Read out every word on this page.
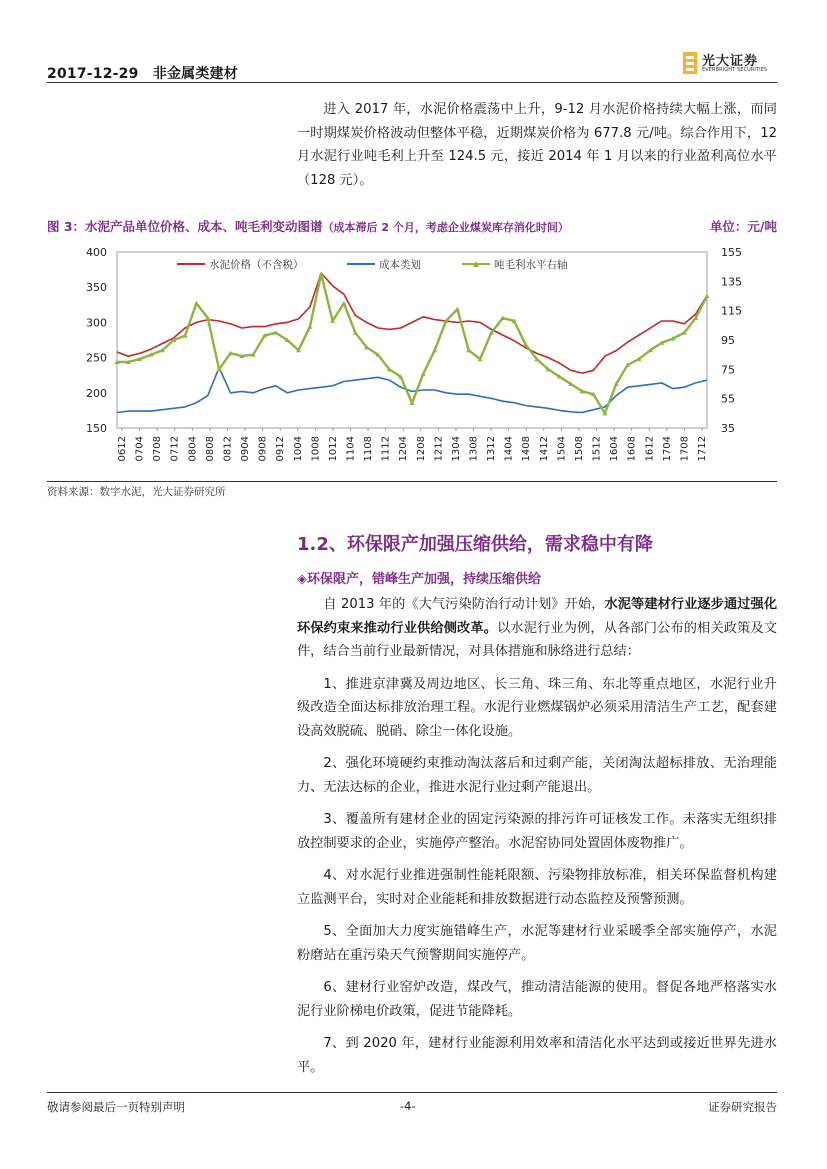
2017-12-29　非金属类建材
光大证券
EVERBRIGHT SECURITIES

进入 2017 年，水泥价格震荡中上升，9-12 月水泥价格持续大幅上涨，而同一时期煤炭价格波动但整体平稳，近期煤炭价格为 677.8 元/吨。综合作用下，12 月水泥行业吨毛利上升至 124.5 元，接近 2014 年 1 月以来的行业盈利高位水平（128 元）。

图 3：水泥产品单位价格、成本、吨毛利变动图谱（成本滞后 2 个月，考虑企业煤炭库存消化时间）	单位：元/吨
150
200
250
300
350
400
35
55
75
95
115
135
155
0612 0704 0708 0712 0804 0808 0812 0904 0908 0912 1004 1008 1012 1104 1108 1112 1204 1208 1212 1304 1308 1312 1404 1408 1412 1504 1508 1512 1604 1608 1612 1704 1708 1712
水泥价格（不含税）	成本类划	吨毛利水平右轴
资料来源：数字水泥，光大证券研究所
1.2、环保限产加强压缩供给，需求稳中有降
◈环保限产，错峰生产加强，持续压缩供给

自 2013 年的《大气污染防治行动计划》开始，水泥等建材行业逐步通过强化环保约束来推动行业供给侧改革。以水泥行业为例，从各部门公布的相关政策及文件，结合当前行业最新情况，对具体措施和脉络进行总结：

1、推进京津冀及周边地区、长三角、珠三角、东北等重点地区，水泥行业升级改造全面达标排放治理工程。水泥行业燃煤锅炉必须采用清洁生产工艺，配套建设高效脱硫、脱硝、除尘一体化设施。

2、强化环境硬约束推动淘汰落后和过剩产能，关闭淘汰超标排放、无治理能力、无法达标的企业，推进水泥行业过剩产能退出。

3、覆盖所有建材企业的固定污染源的排污许可证核发工作。未落实无组织排放控制要求的企业，实施停产整治。水泥窑协同处置固体废物推广。

4、对水泥行业推进强制性能耗限额、污染物排放标准，相关环保监督机构建立监测平台，实时对企业能耗和排放数据进行动态监控及预警预测。

5、全面加大力度实施错峰生产，水泥等建材行业采暖季全部实施停产，水泥粉磨站在重污染天气预警期间实施停产。

6、建材行业窑炉改造，煤改气，推动清洁能源的使用。督促各地严格落实水泥行业阶梯电价政策，促进节能降耗。

7、到 2020 年，建材行业能源利用效率和清洁化水平达到或接近世界先进水平。

敬请参阅最后一页特别声明	-4-	证券研究报告
